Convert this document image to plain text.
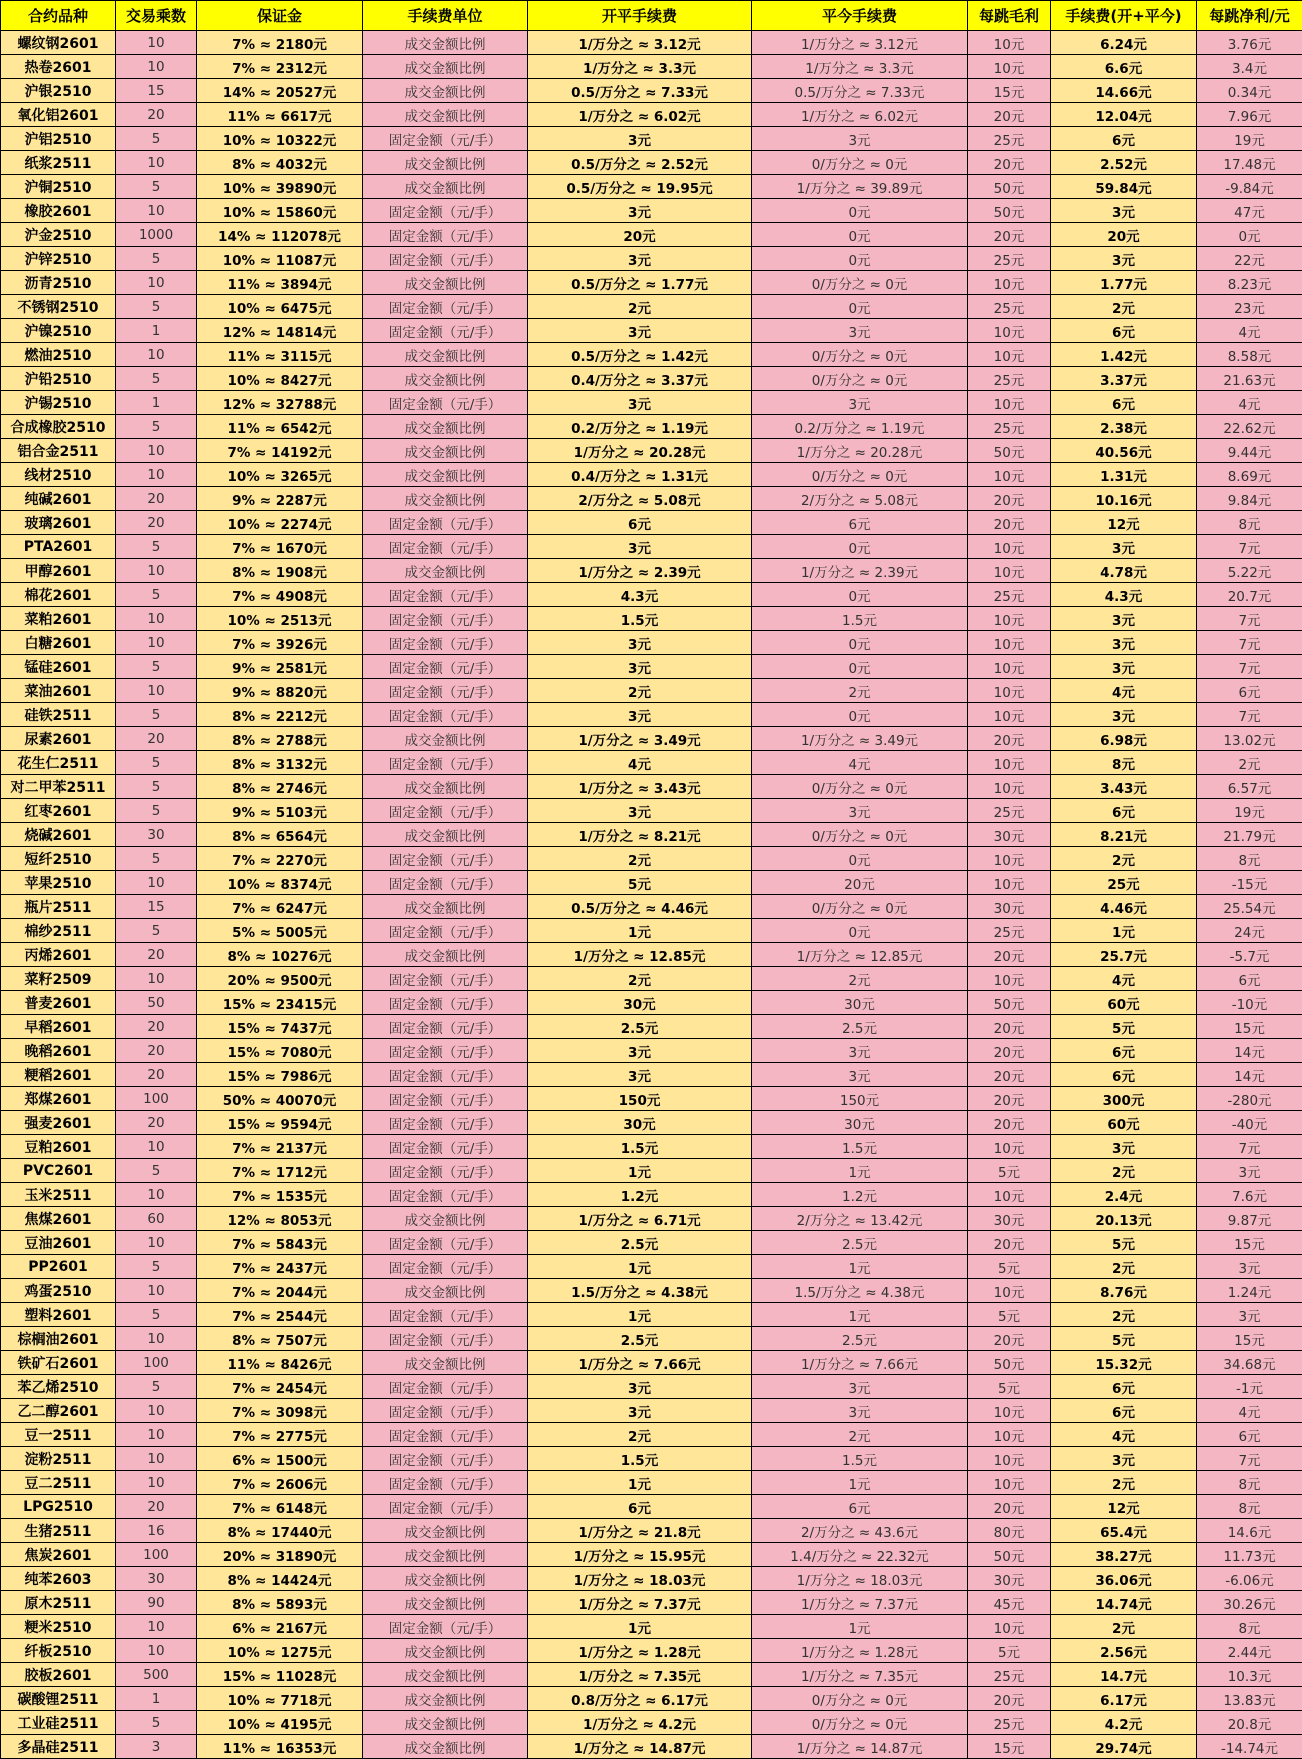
合约品种	交易乘数	保证金	手续费单位	开平手续费	平今手续费	每跳毛利	手续费(开+平今)	每跳净利/元
螺纹钢2601	10	7% ≈ 2180元	成交金额比例	1/万分之 ≈ 3.12元	1/万分之 ≈ 3.12元	10元	6.24元	3.76元
热卷2601	10	7% ≈ 2312元	成交金额比例	1/万分之 ≈ 3.3元	1/万分之 ≈ 3.3元	10元	6.6元	3.4元
沪银2510	15	14% ≈ 20527元	成交金额比例	0.5/万分之 ≈ 7.33元	0.5/万分之 ≈ 7.33元	15元	14.66元	0.34元
氧化铝2601	20	11% ≈ 6617元	成交金额比例	1/万分之 ≈ 6.02元	1/万分之 ≈ 6.02元	20元	12.04元	7.96元
沪铝2510	5	10% ≈ 10322元	固定金额（元/手）	3元	3元	25元	6元	19元
纸浆2511	10	8% ≈ 4032元	成交金额比例	0.5/万分之 ≈ 2.52元	0/万分之 ≈ 0元	20元	2.52元	17.48元
沪铜2510	5	10% ≈ 39890元	成交金额比例	0.5/万分之 ≈ 19.95元	1/万分之 ≈ 39.89元	50元	59.84元	-9.84元
橡胶2601	10	10% ≈ 15860元	固定金额（元/手）	3元	0元	50元	3元	47元
沪金2510	1000	14% ≈ 112078元	固定金额（元/手）	20元	0元	20元	20元	0元
沪锌2510	5	10% ≈ 11087元	固定金额（元/手）	3元	0元	25元	3元	22元
沥青2510	10	11% ≈ 3894元	成交金额比例	0.5/万分之 ≈ 1.77元	0/万分之 ≈ 0元	10元	1.77元	8.23元
不锈钢2510	5	10% ≈ 6475元	固定金额（元/手）	2元	0元	25元	2元	23元
沪镍2510	1	12% ≈ 14814元	固定金额（元/手）	3元	3元	10元	6元	4元
燃油2510	10	11% ≈ 3115元	成交金额比例	0.5/万分之 ≈ 1.42元	0/万分之 ≈ 0元	10元	1.42元	8.58元
沪铅2510	5	10% ≈ 8427元	成交金额比例	0.4/万分之 ≈ 3.37元	0/万分之 ≈ 0元	25元	3.37元	21.63元
沪锡2510	1	12% ≈ 32788元	固定金额（元/手）	3元	3元	10元	6元	4元
合成橡胶2510	5	11% ≈ 6542元	成交金额比例	0.2/万分之 ≈ 1.19元	0.2/万分之 ≈ 1.19元	25元	2.38元	22.62元
铝合金2511	10	7% ≈ 14192元	成交金额比例	1/万分之 ≈ 20.28元	1/万分之 ≈ 20.28元	50元	40.56元	9.44元
线材2510	10	10% ≈ 3265元	成交金额比例	0.4/万分之 ≈ 1.31元	0/万分之 ≈ 0元	10元	1.31元	8.69元
纯碱2601	20	9% ≈ 2287元	成交金额比例	2/万分之 ≈ 5.08元	2/万分之 ≈ 5.08元	20元	10.16元	9.84元
玻璃2601	20	10% ≈ 2274元	固定金额（元/手）	6元	6元	20元	12元	8元
PTA2601	5	7% ≈ 1670元	固定金额（元/手）	3元	0元	10元	3元	7元
甲醇2601	10	8% ≈ 1908元	成交金额比例	1/万分之 ≈ 2.39元	1/万分之 ≈ 2.39元	10元	4.78元	5.22元
棉花2601	5	7% ≈ 4908元	固定金额（元/手）	4.3元	0元	25元	4.3元	20.7元
菜粕2601	10	10% ≈ 2513元	固定金额（元/手）	1.5元	1.5元	10元	3元	7元
白糖2601	10	7% ≈ 3926元	固定金额（元/手）	3元	0元	10元	3元	7元
锰硅2601	5	9% ≈ 2581元	固定金额（元/手）	3元	0元	10元	3元	7元
菜油2601	10	9% ≈ 8820元	固定金额（元/手）	2元	2元	10元	4元	6元
硅铁2511	5	8% ≈ 2212元	固定金额（元/手）	3元	0元	10元	3元	7元
尿素2601	20	8% ≈ 2788元	成交金额比例	1/万分之 ≈ 3.49元	1/万分之 ≈ 3.49元	20元	6.98元	13.02元
花生仁2511	5	8% ≈ 3132元	固定金额（元/手）	4元	4元	10元	8元	2元
对二甲苯2511	5	8% ≈ 2746元	成交金额比例	1/万分之 ≈ 3.43元	0/万分之 ≈ 0元	10元	3.43元	6.57元
红枣2601	5	9% ≈ 5103元	固定金额（元/手）	3元	3元	25元	6元	19元
烧碱2601	30	8% ≈ 6564元	成交金额比例	1/万分之 ≈ 8.21元	0/万分之 ≈ 0元	30元	8.21元	21.79元
短纤2510	5	7% ≈ 2270元	固定金额（元/手）	2元	0元	10元	2元	8元
苹果2510	10	10% ≈ 8374元	固定金额（元/手）	5元	20元	10元	25元	-15元
瓶片2511	15	7% ≈ 6247元	成交金额比例	0.5/万分之 ≈ 4.46元	0/万分之 ≈ 0元	30元	4.46元	25.54元
棉纱2511	5	5% ≈ 5005元	固定金额（元/手）	1元	0元	25元	1元	24元
丙烯2601	20	8% ≈ 10276元	成交金额比例	1/万分之 ≈ 12.85元	1/万分之 ≈ 12.85元	20元	25.7元	-5.7元
菜籽2509	10	20% ≈ 9500元	固定金额（元/手）	2元	2元	10元	4元	6元
普麦2601	50	15% ≈ 23415元	固定金额（元/手）	30元	30元	50元	60元	-10元
早稻2601	20	15% ≈ 7437元	固定金额（元/手）	2.5元	2.5元	20元	5元	15元
晚稻2601	20	15% ≈ 7080元	固定金额（元/手）	3元	3元	20元	6元	14元
粳稻2601	20	15% ≈ 7986元	固定金额（元/手）	3元	3元	20元	6元	14元
郑煤2601	100	50% ≈ 40070元	固定金额（元/手）	150元	150元	20元	300元	-280元
强麦2601	20	15% ≈ 9594元	固定金额（元/手）	30元	30元	20元	60元	-40元
豆粕2601	10	7% ≈ 2137元	固定金额（元/手）	1.5元	1.5元	10元	3元	7元
PVC2601	5	7% ≈ 1712元	固定金额（元/手）	1元	1元	5元	2元	3元
玉米2511	10	7% ≈ 1535元	固定金额（元/手）	1.2元	1.2元	10元	2.4元	7.6元
焦煤2601	60	12% ≈ 8053元	成交金额比例	1/万分之 ≈ 6.71元	2/万分之 ≈ 13.42元	30元	20.13元	9.87元
豆油2601	10	7% ≈ 5843元	固定金额（元/手）	2.5元	2.5元	20元	5元	15元
PP2601	5	7% ≈ 2437元	固定金额（元/手）	1元	1元	5元	2元	3元
鸡蛋2510	10	7% ≈ 2044元	成交金额比例	1.5/万分之 ≈ 4.38元	1.5/万分之 ≈ 4.38元	10元	8.76元	1.24元
塑料2601	5	7% ≈ 2544元	固定金额（元/手）	1元	1元	5元	2元	3元
棕榈油2601	10	8% ≈ 7507元	固定金额（元/手）	2.5元	2.5元	20元	5元	15元
铁矿石2601	100	11% ≈ 8426元	成交金额比例	1/万分之 ≈ 7.66元	1/万分之 ≈ 7.66元	50元	15.32元	34.68元
苯乙烯2510	5	7% ≈ 2454元	固定金额（元/手）	3元	3元	5元	6元	-1元
乙二醇2601	10	7% ≈ 3098元	固定金额（元/手）	3元	3元	10元	6元	4元
豆一2511	10	7% ≈ 2775元	固定金额（元/手）	2元	2元	10元	4元	6元
淀粉2511	10	6% ≈ 1500元	固定金额（元/手）	1.5元	1.5元	10元	3元	7元
豆二2511	10	7% ≈ 2606元	固定金额（元/手）	1元	1元	10元	2元	8元
LPG2510	20	7% ≈ 6148元	固定金额（元/手）	6元	6元	20元	12元	8元
生猪2511	16	8% ≈ 17440元	成交金额比例	1/万分之 ≈ 21.8元	2/万分之 ≈ 43.6元	80元	65.4元	14.6元
焦炭2601	100	20% ≈ 31890元	成交金额比例	1/万分之 ≈ 15.95元	1.4/万分之 ≈ 22.32元	50元	38.27元	11.73元
纯苯2603	30	8% ≈ 14424元	成交金额比例	1/万分之 ≈ 18.03元	1/万分之 ≈ 18.03元	30元	36.06元	-6.06元
原木2511	90	8% ≈ 5893元	成交金额比例	1/万分之 ≈ 7.37元	1/万分之 ≈ 7.37元	45元	14.74元	30.26元
粳米2510	10	6% ≈ 2167元	固定金额（元/手）	1元	1元	10元	2元	8元
纤板2510	10	10% ≈ 1275元	成交金额比例	1/万分之 ≈ 1.28元	1/万分之 ≈ 1.28元	5元	2.56元	2.44元
胶板2601	500	15% ≈ 11028元	成交金额比例	1/万分之 ≈ 7.35元	1/万分之 ≈ 7.35元	25元	14.7元	10.3元
碳酸锂2511	1	10% ≈ 7718元	成交金额比例	0.8/万分之 ≈ 6.17元	0/万分之 ≈ 0元	20元	6.17元	13.83元
工业硅2511	5	10% ≈ 4195元	成交金额比例	1/万分之 ≈ 4.2元	0/万分之 ≈ 0元	25元	4.2元	20.8元
多晶硅2511	3	11% ≈ 16353元	成交金额比例	1/万分之 ≈ 14.87元	1/万分之 ≈ 14.87元	15元	29.74元	-14.74元
